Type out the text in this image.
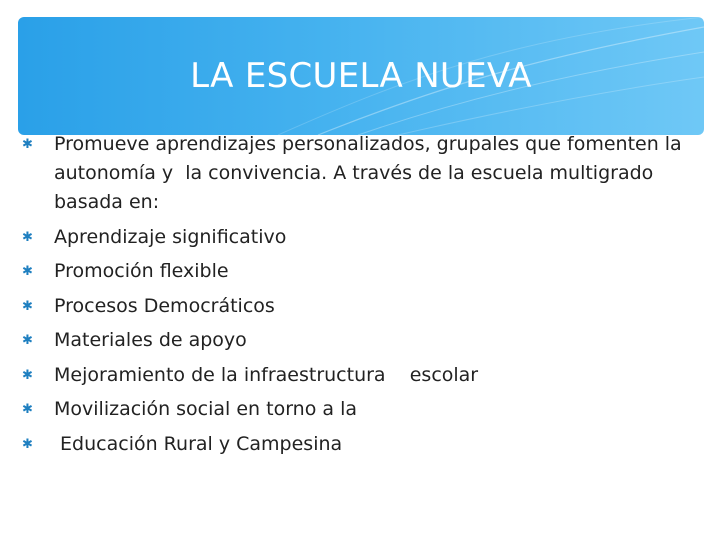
LA ESCUELA NUEVA
✱	Promueve aprendizajes personalizados, grupales que fomenten la autonomía y  la convivencia. A través de la escuela multigrado basada en:
✱	Aprendizaje significativo
✱	Promoción flexible
✱	Procesos Democráticos
✱	Materiales de apoyo
✱	Mejoramiento de la infraestructura    escolar
✱	Movilización social en torno a la
✱	Educación Rural y Campesina
